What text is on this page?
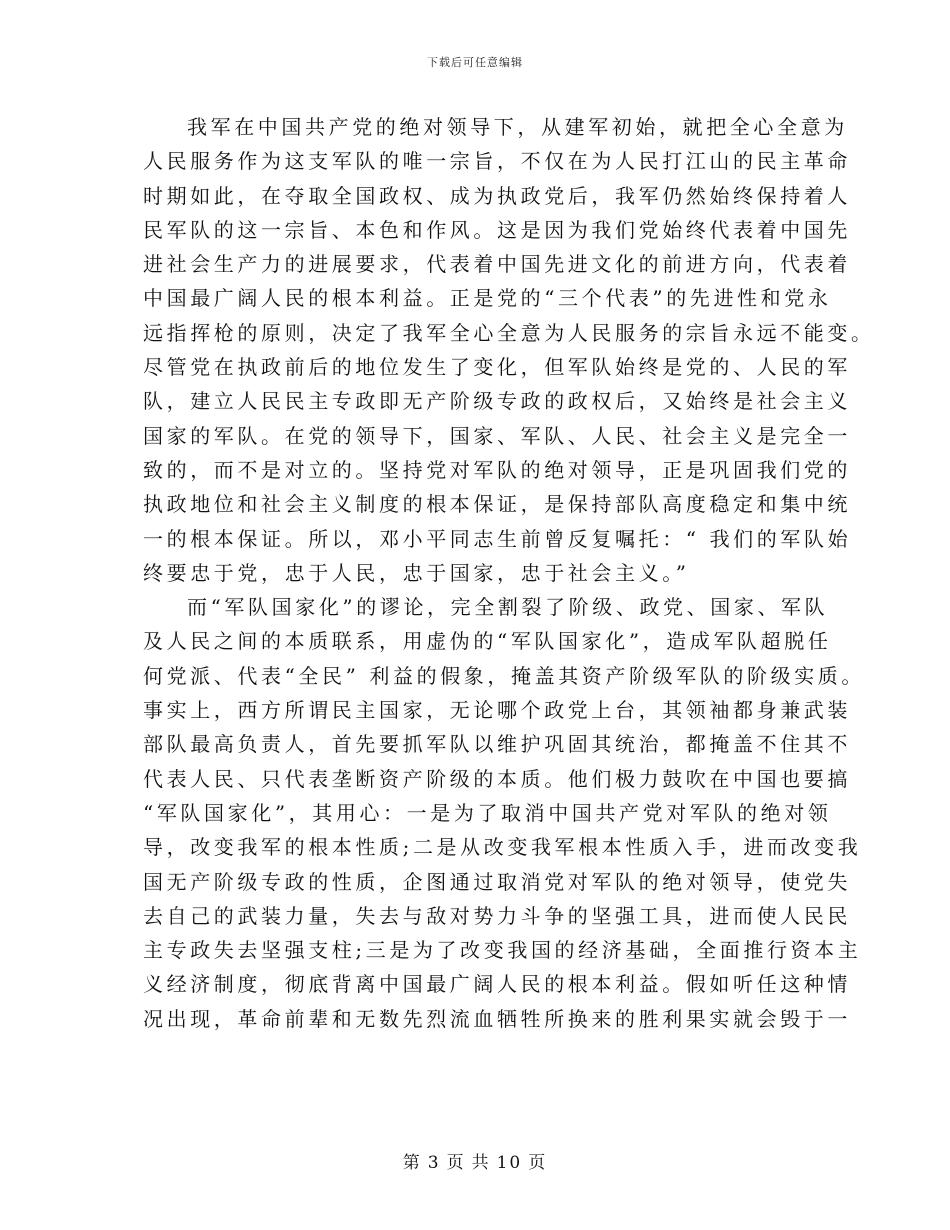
下载后可任意编辑
我军在中国共产党的绝对领导下，从建军初始，就把全心全意为
人民服务作为这支军队的唯一宗旨，不仅在为人民打江山的民主革命
时期如此，在夺取全国政权、成为执政党后，我军仍然始终保持着人
民军队的这一宗旨、本色和作风。这是因为我们党始终代表着中国先
进社会生产力的进展要求，代表着中国先进文化的前进方向，代表着
中国最广阔人民的根本利益。正是党的“三个代表”的先进性和党永
远指挥枪的原则，决定了我军全心全意为人民服务的宗旨永远不能变。
尽管党在执政前后的地位发生了变化，但军队始终是党的、人民的军
队，建立人民民主专政即无产阶级专政的政权后，又始终是社会主义
国家的军队。在党的领导下，国家、军队、人民、社会主义是完全一
致的，而不是对立的。坚持党对军队的绝对领导，正是巩固我们党的
执政地位和社会主义制度的根本保证，是保持部队高度稳定和集中统
一的根本保证。所以，邓小平同志生前曾反复嘱托：“ 我们的军队始
终要忠于党，忠于人民，忠于国家，忠于社会主义。”
而“军队国家化”的谬论，完全割裂了阶级、政党、国家、军队
及人民之间的本质联系，用虚伪的“军队国家化”，造成军队超脱任
何党派、代表“全民” 利益的假象，掩盖其资产阶级军队的阶级实质。
事实上，西方所谓民主国家，无论哪个政党上台，其领袖都身兼武装
部队最高负责人，首先要抓军队以维护巩固其统治，都掩盖不住其不
代表人民、只代表垄断资产阶级的本质。他们极力鼓吹在中国也要搞
“军队国家化”，其用心：一是为了取消中国共产党对军队的绝对领
导，改变我军的根本性质;二是从改变我军根本性质入手，进而改变我
国无产阶级专政的性质，企图通过取消党对军队的绝对领导，使党失
去自己的武装力量，失去与敌对势力斗争的坚强工具，进而使人民民
主专政失去坚强支柱;三是为了改变我国的经济基础，全面推行资本主
义经济制度，彻底背离中国最广阔人民的根本利益。假如听任这种情
况出现，革命前辈和无数先烈流血牺牲所换来的胜利果实就会毁于一
第 3 页 共 10 页
